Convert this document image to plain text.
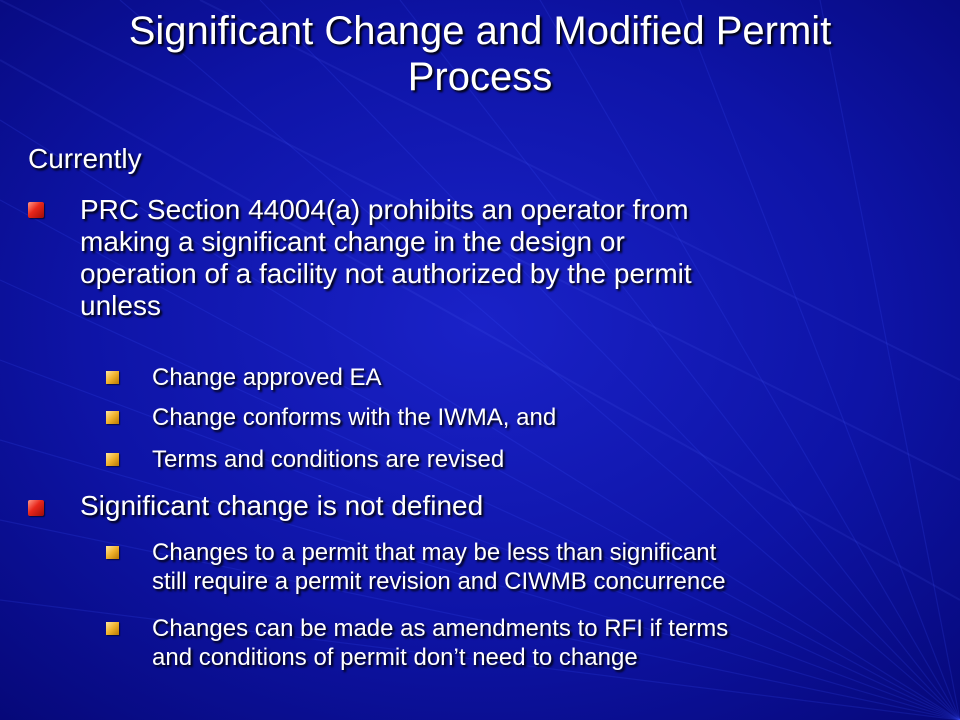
Significant Change and Modified Permit
Process
Currently
PRC Section 44004(a) prohibits an operator from
making a significant change in the design or
operation of a facility not authorized by the permit
unless
Change approved EA
Change conforms with the IWMA, and
Terms and conditions are revised
Significant change is not defined
Changes to a permit that may be less than significant
still require a permit revision and CIWMB concurrence
Changes can be made as amendments to RFI if terms
and conditions of permit don’t need to change
